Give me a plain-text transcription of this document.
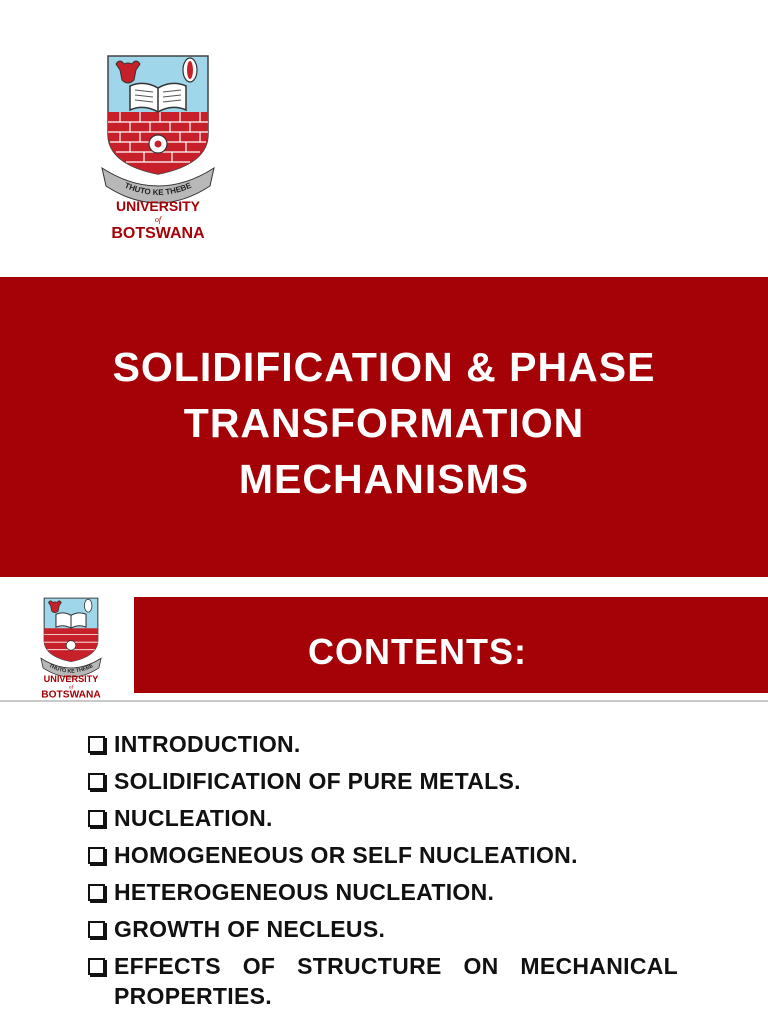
THUTO KE THEBE
UNIVERSITY
of
BOTSWANA
SOLIDIFICATION & PHASE
TRANSFORMATION
MECHANISMS
THUTO KE THEBE
UNIVERSITY
of
BOTSWANA
CONTENTS:
INTRODUCTION.
SOLIDIFICATION OF PURE METALS.
NUCLEATION.
HOMOGENEOUS OR SELF NUCLEATION.
HETEROGENEOUS NUCLEATION.
GROWTH OF NECLEUS.
EFFECTS OF STRUCTURE ON MECHANICAL PROPERTIES.
